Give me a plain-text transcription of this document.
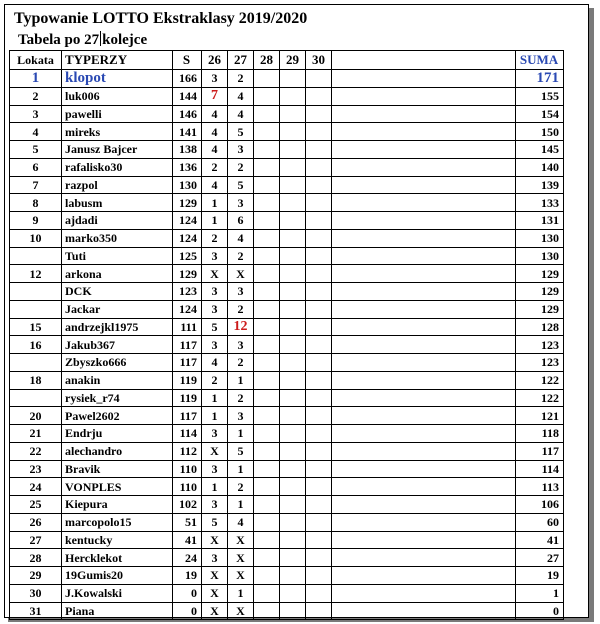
Typowanie LOTTO Ekstraklasy 2019/2020
Tabela po 27 kolejce
Lokata	TYPERZY	S	26	27	28	29	30		SUMA
1	klopot	166	3	2					171
2	luk006	144	7	4					155
3	pawelli	146	4	4					154
4	mireks	141	4	5					150
5	Janusz Bajcer	138	4	3					145
6	rafalisko30	136	2	2					140
7	razpol	130	4	5					139
8	labusm	129	1	3					133
9	ajdadi	124	1	6					131
10	marko350	124	2	4					130
	Tuti	125	3	2					130
12	arkona	129	X	X					129
	DCK	123	3	3					129
	Jackar	124	3	2					129
15	andrzejkl1975	111	5	12					128
16	Jakub367	117	3	3					123
	Zbyszko666	117	4	2					123
18	anakin	119	2	1					122
	rysiek_r74	119	1	2					122
20	Pawel2602	117	1	3					121
21	Endrju	114	3	1					118
22	alechandro	112	X	5					117
23	Bravik	110	3	1					114
24	VONPLES	110	1	2					113
25	Kiepura	102	3	1					106
26	marcopolo15	51	5	4					60
27	kentucky	41	X	X					41
28	Hercklekot	24	3	X					27
29	19Gumis20	19	X	X					19
30	J.Kowalski	0	X	1					1
31	Piana	0	X	X					0
